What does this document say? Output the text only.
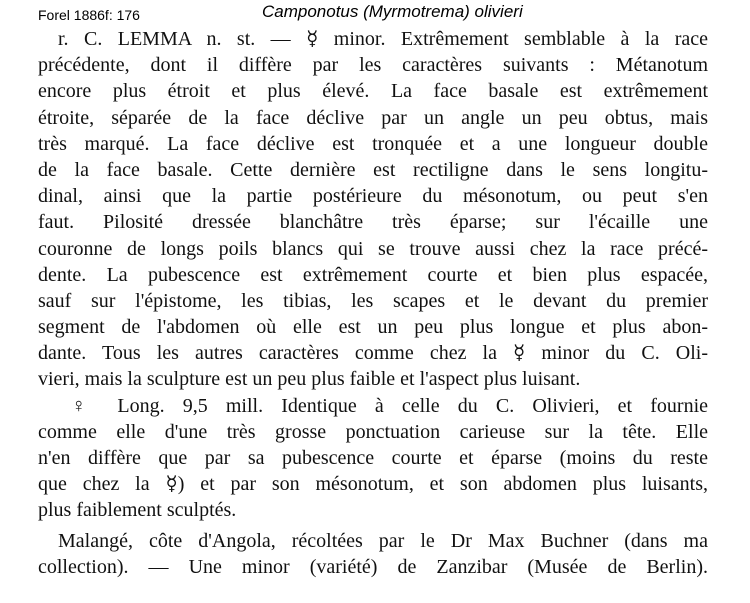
Forel 1886f: 176	Camponotus (Myrmotrema) olivieri
 r. C. LEMMA n. st. — ☿ minor. Extrêmement semblable à la race
précédente, dont il diffère par les caractères suivants : Métanotum
encore plus étroit et plus élevé. La face basale est extrêmement
étroite, séparée de la face déclive par un angle un peu obtus, mais
très marqué. La face déclive est tronquée et a une longueur double
de la face basale. Cette dernière est rectiligne dans le sens longitu-
dinal, ainsi que la partie postérieure du mésonotum, ou peut s'en
faut. Pilosité dressée blanchâtre très éparse; sur l'écaille une
couronne de longs poils blancs qui se trouve aussi chez la race précé-
dente. La pubescence est extrêmement courte et bien plus espacée,
sauf sur l'épistome, les tibias, les scapes et le devant du premier
segment de l'abdomen où elle est un peu plus longue et plus abon-
dante. Tous les autres caractères comme chez la ☿ minor du C. Oli-
vieri, mais la sculpture est un peu plus faible et l'aspect plus luisant.
 ♀ Long. 9,5 mill. Identique à celle du C. Olivieri, et fournie
comme elle d'une très grosse ponctuation carieuse sur la tête. Elle
n'en diffère que par sa pubescence courte et éparse (moins du reste
que chez la ☿) et par son mésonotum, et son abdomen plus luisants,
plus faiblement sculptés.
 Malangé, côte d'Angola, récoltées par le Dr Max Buchner (dans ma
collection). — Une minor (variété) de Zanzibar (Musée de Berlin).
